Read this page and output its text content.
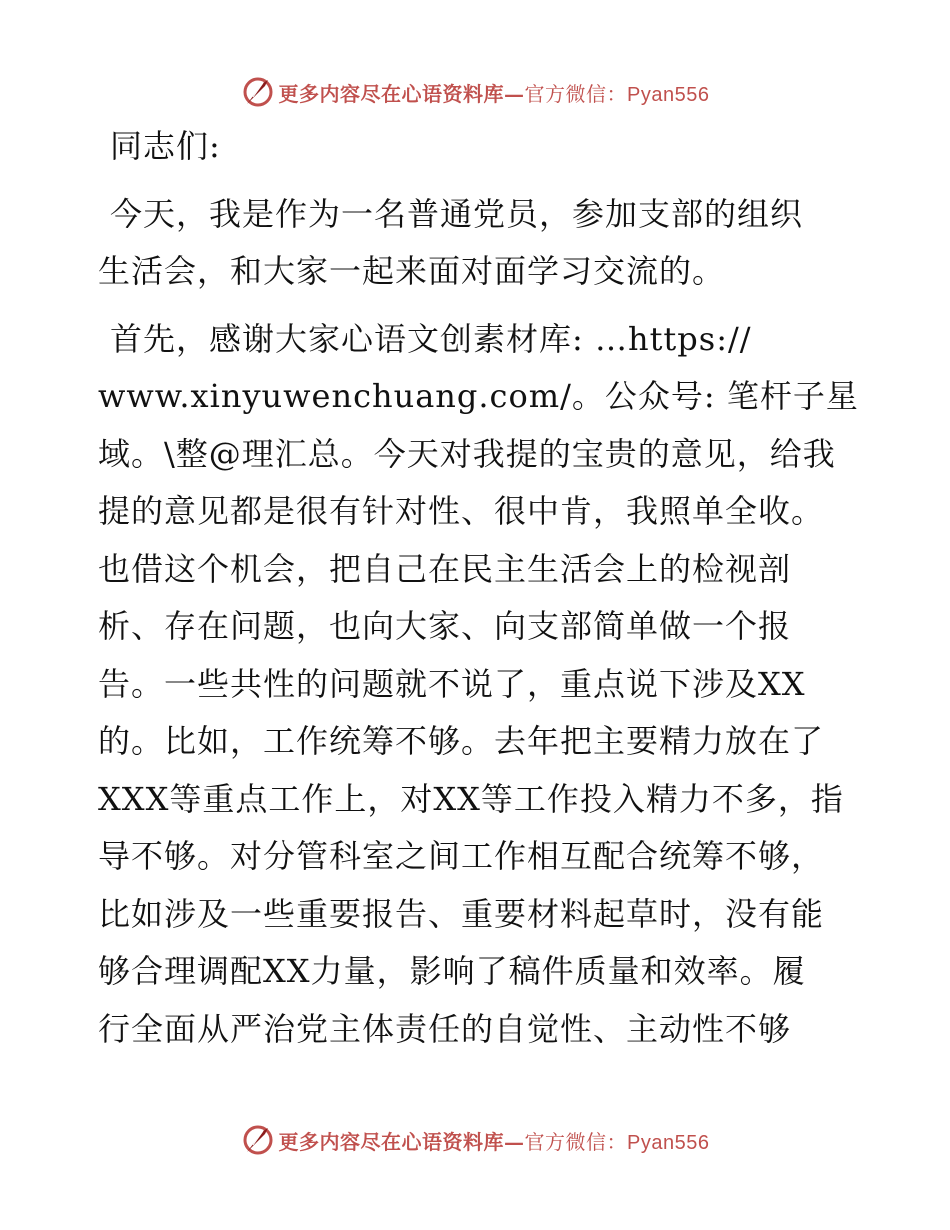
更多内容尽在心语资料库—官方微信：Pyan556
同志们:
今天，我是作为一名普通党员，参加支部的组织
生活会，和大家一起来面对面学习交流的。
首先，感谢大家心语文创素材库: …https://
www.xinyuwenchuang.com/。公众号: 笔杆子星
域。\整@理汇总。今天对我提的宝贵的意见，给我
提的意见都是很有针对性、很中肯，我照单全收。
也借这个机会，把自己在民主生活会上的检视剖
析、存在问题，也向大家、向支部简单做一个报
告。一些共性的问题就不说了，重点说下涉及XX
的。比如，工作统筹不够。去年把主要精力放在了
XXX等重点工作上，对XX等工作投入精力不多，指
导不够。对分管科室之间工作相互配合统筹不够，
比如涉及一些重要报告、重要材料起草时，没有能
够合理调配XX力量，影响了稿件质量和效率。履
行全面从严治党主体责任的自觉性、主动性不够
更多内容尽在心语资料库—官方微信：Pyan556
